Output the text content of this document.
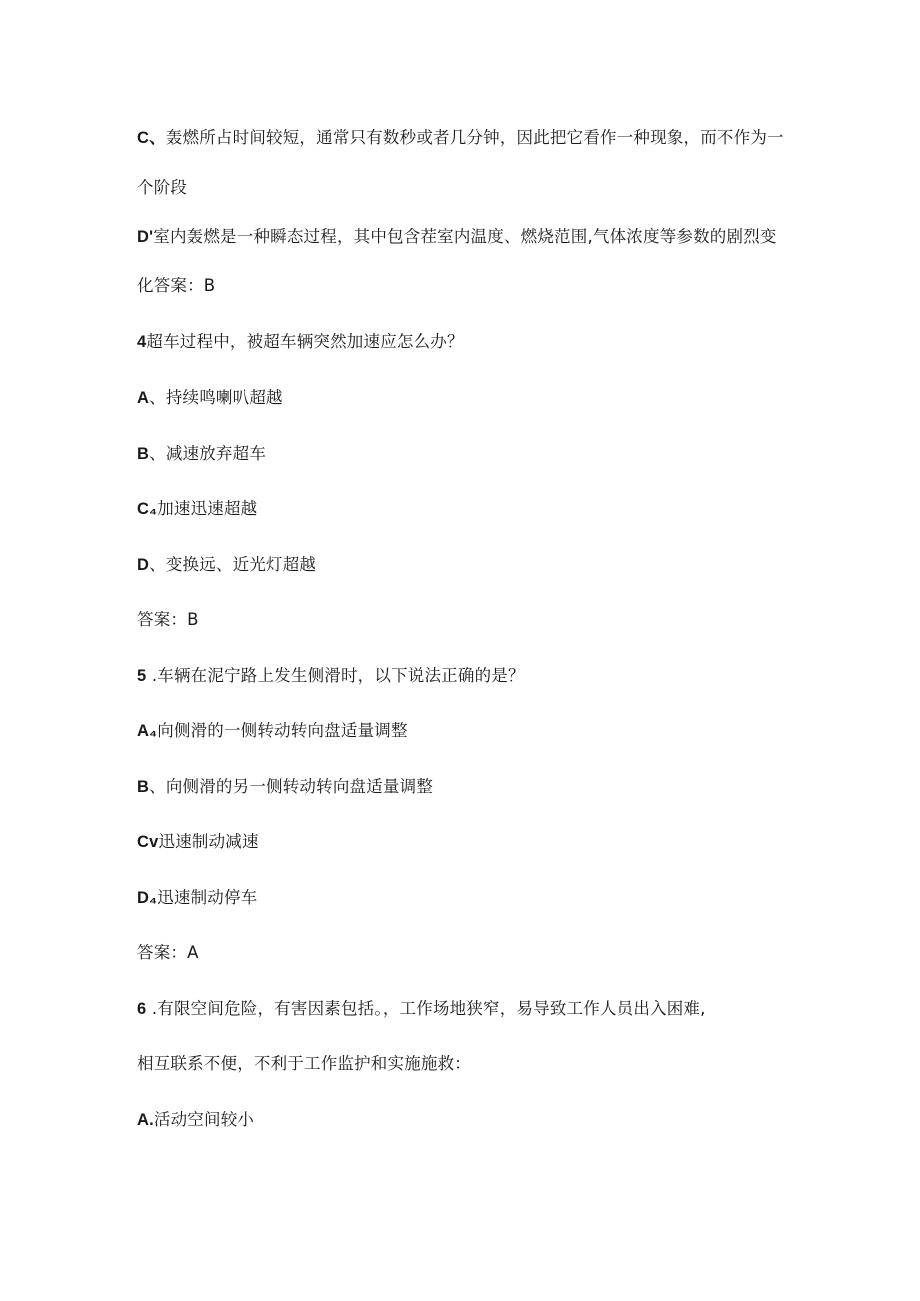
C、轰燃所占时间较短，通常只有数秒或者几分钟，因此把它看作一种现象，而不作为一

个阶段

D'室内轰燃是一种瞬态过程，其中包含茬室内温度、燃烧范围,气体浓度等参数的剧烈变

化答案：B

4超车过程中，被超车辆突然加速应怎么办？

A、持续鸣喇叭超越

B、减速放弃超车

C₄加速迅速超越

D、变换远、近光灯超越

答案：B

5 .车辆在泥宁路上发生侧滑时，以下说法正确的是？

A₄向侧滑的一侧转动转向盘适量调整

B、向侧滑的另一侧转动转向盘适量调整

Cv迅速制动减速

D₄迅速制动停车

答案：A

6 .有限空间危险，有害因素包括。，工作场地狭窄，易导致工作人员出入困难,

相互联系不便，不利于工作监护和实施施救：

A.活动空间较小
